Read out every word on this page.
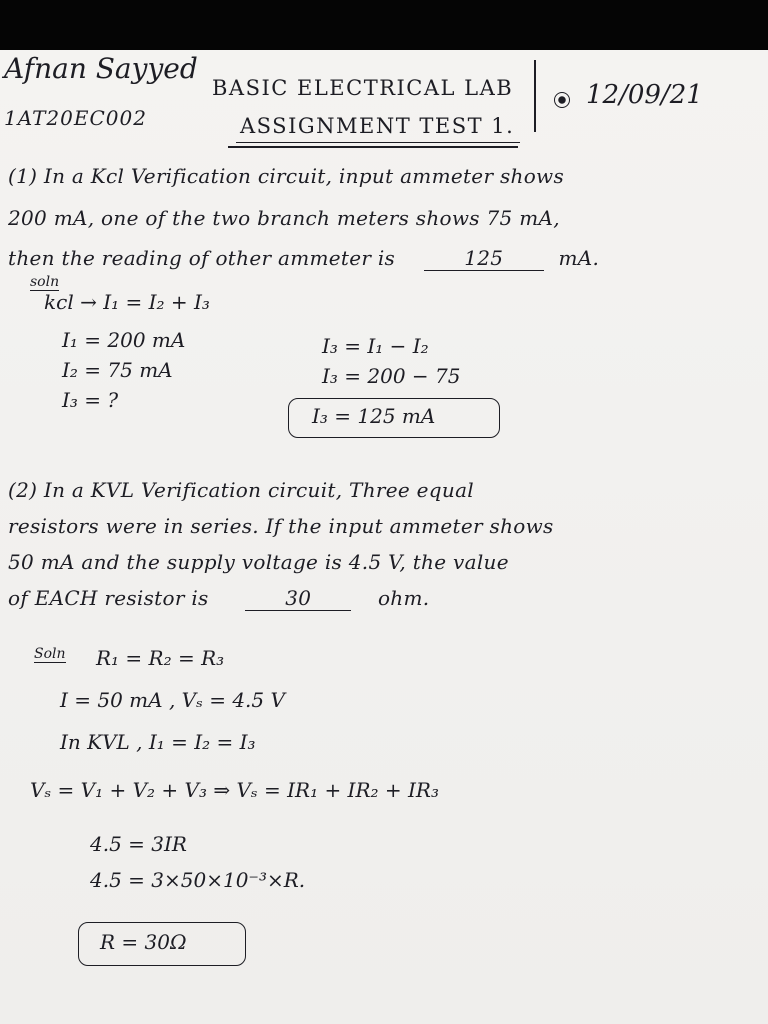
Afnan Sayyed
1AT20EC002
BASIC ELECTRICAL LAB
ASSIGNMENT TEST 1.
12/09/21
(1) In a Kcl Verification circuit, input ammeter shows
200 mA, one of the two branch meters shows 75 mA,
then the reading of other ammeter is	125	mA.
soln
kcl → I₁ = I₂ + I₃
I₁ = 200 mA
I₂ = 75 mA
I₃ = ?
I₃ = I₁ − I₂
I₃ = 200 − 75
I₃ = 125 mA
(2) In a KVL Verification circuit, Three equal
resistors were in series. If the input ammeter shows
50 mA and the supply voltage is 4.5 V, the value
of EACH resistor is	30	ohm.
Soln R₁ = R₂ = R₃
I = 50 mA , Vₛ = 4.5 V
In KVL , I₁ = I₂ = I₃
Vₛ = V₁ + V₂ + V₃ ⇒ Vₛ = IR₁ + IR₂ + IR₃
4.5 = 3IR
4.5 = 3×50×10⁻³×R.
R = 30Ω
